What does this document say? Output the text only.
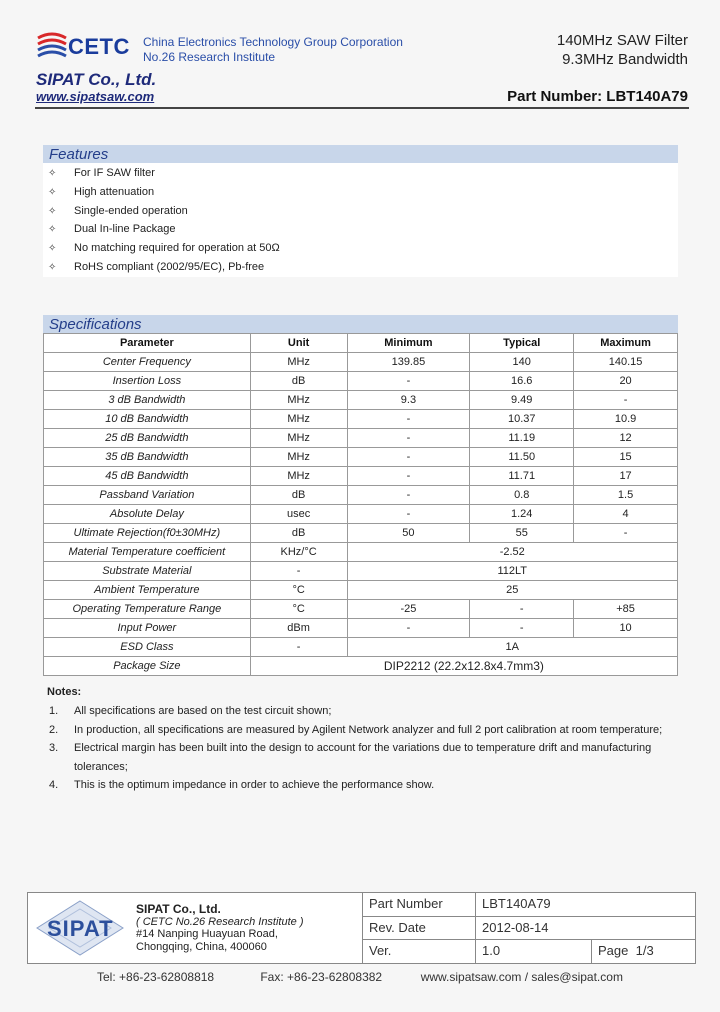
CETC China Electronics Technology Group Corporation
No.26 Research Institute
SIPAT Co., Ltd.
www.sipatsaw.com
140MHz SAW Filter
9.3MHz Bandwidth
Part Number: LBT140A79
Features
✧ For IF SAW filter
✧ High attenuation
✧ Single-ended operation
✧ Dual In-line Package
✧ No matching required for operation at 50Ω
✧ RoHS compliant (2002/95/EC), Pb-free
Specifications
Parameter	Unit	Minimum	Typical	Maximum
Center Frequency	MHz	139.85	140	140.15
Insertion Loss	dB	-	16.6	20
3 dB Bandwidth	MHz	9.3	9.49	-
10 dB Bandwidth	MHz	-	10.37	10.9
25 dB Bandwidth	MHz	-	11.19	12
35 dB Bandwidth	MHz	-	11.50	15
45 dB Bandwidth	MHz	-	11.71	17
Passband Variation	dB	-	0.8	1.5
Absolute Delay	usec	-	1.24	4
Ultimate Rejection(f0±30MHz)	dB	50	55	-
Material Temperature coefficient	KHz/°C	-2.52		
Substrate Material	-	112LT		
Ambient Temperature	°C	25		
Operating Temperature Range	°C	-25	-	+85
Input Power	dBm	-	-	10
ESD Class	-	1A		
Package Size	DIP2212 (22.2x12.8x4.7mm3)			
Notes:
1. All specifications are based on the test circuit shown;
2. In production, all specifications are measured by Agilent Network analyzer and full 2 port calibration at room temperature;
3. Electrical margin has been built into the design to account for the variations due to temperature drift and manufacturing tolerances;
4. This is the optimum impedance in order to achieve the performance show.
SIPAT
SIPAT Co., Ltd.
( CETC No.26 Research Institute )
#14 Nanping Huayuan Road,
Chongqing, China, 400060
Part Number	LBT140A79
Rev. Date	2012-08-14
Ver.	1.0	Page 1/3
Tel: +86-23-62808818	Fax: +86-23-62808382	www.sipatsaw.com / sales@sipat.com
